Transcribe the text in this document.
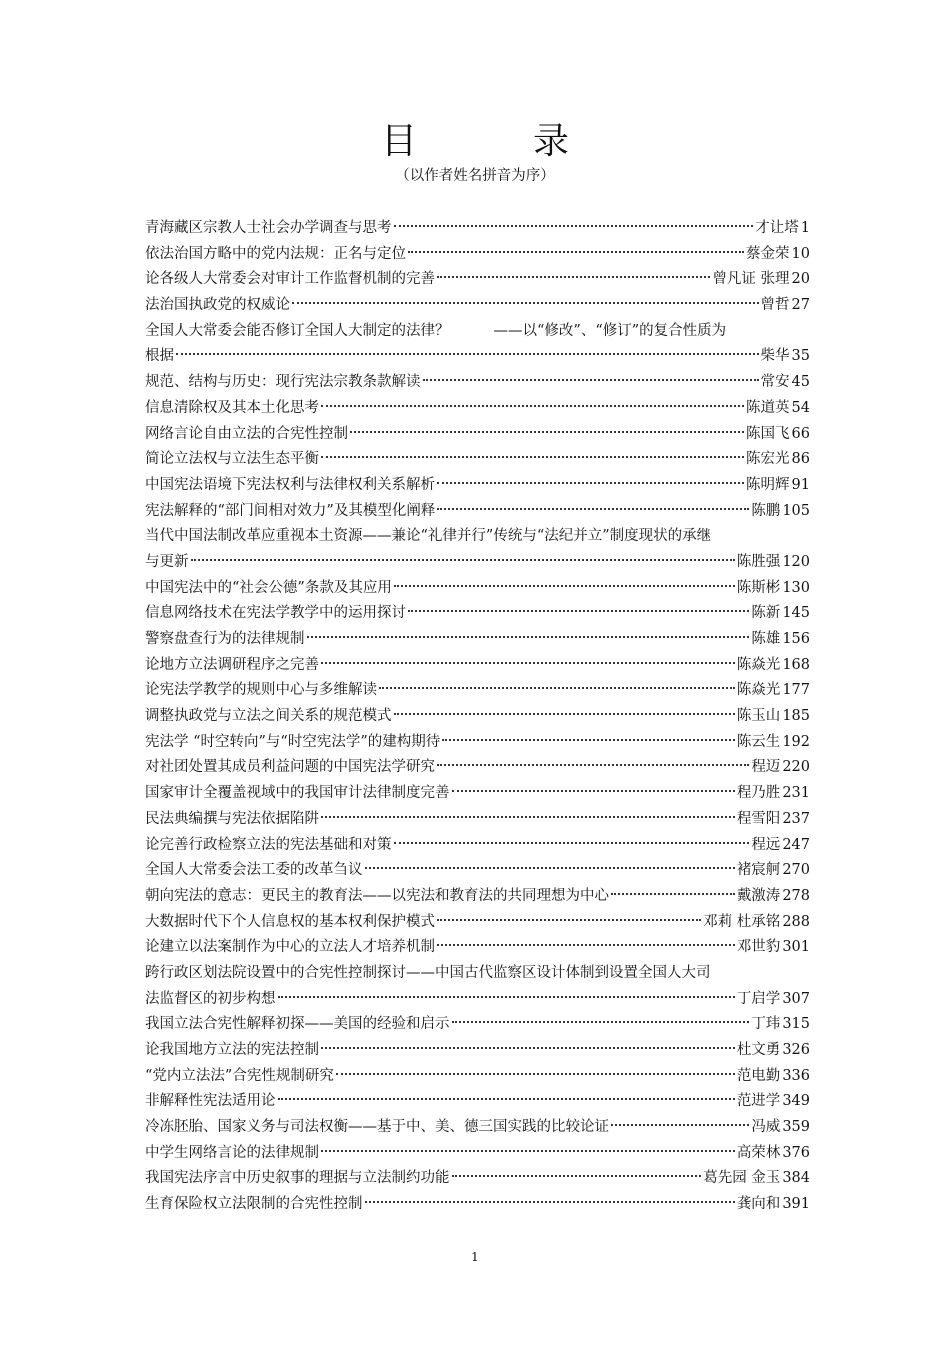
目　录
（以作者姓名拼音为序）
青海藏区宗教人士社会办学调查与思考	才让塔 1
依法治国方略中的党内法规：正名与定位	蔡金荣 10
论各级人大常委会对审计工作监督机制的完善	曾凡证 张理 20
法治国执政党的权威论	曾哲 27
全国人大常委会能否修订全国人大制定的法律？	——以“修改”、“修订”的复合性质为
根据	柴华 35
规范、结构与历史：现行宪法宗教条款解读	常安 45
信息清除权及其本土化思考	陈道英 54
网络言论自由立法的合宪性控制	陈国飞 66
简论立法权与立法生态平衡	陈宏光 86
中国宪法语境下宪法权利与法律权利关系解析	陈明辉 91
宪法解释的“部门间相对效力”及其模型化阐释	陈鹏 105
当代中国法制改革应重视本土资源——兼论“礼律并行”传统与“法纪并立”制度现状的承继
与更新	陈胜强 120
中国宪法中的“社会公德”条款及其应用	陈斯彬 130
信息网络技术在宪法学教学中的运用探讨	陈新 145
警察盘查行为的法律规制	陈雄 156
论地方立法调研程序之完善	陈焱光 168
论宪法学教学的规则中心与多维解读	陈焱光 177
调整执政党与立法之间关系的规范模式	陈玉山 185
宪法学 “时空转向”与“时空宪法学”的建构期待	陈云生 192
对社团处置其成员利益问题的中国宪法学研究	程迈 220
国家审计全覆盖视域中的我国审计法律制度完善	程乃胜 231
民法典编撰与宪法依据陷阱	程雪阳 237
论完善行政检察立法的宪法基础和对策	程远 247
全国人大常委会法工委的改革刍议	褚宸舸 270
朝向宪法的意志：更民主的教育法——以宪法和教育法的共同理想为中心	戴激涛 278
大数据时代下个人信息权的基本权利保护模式	邓莉 杜承铭 288
论建立以法案制作为中心的立法人才培养机制	邓世豹 301
跨行政区划法院设置中的合宪性控制探讨——中国古代监察区设计体制到设置全国人大司
法监督区的初步构想	丁启学 307
我国立法合宪性解释初探——美国的经验和启示	丁玮 315
论我国地方立法的宪法控制	杜文勇 326
“党内立法法”合宪性规制研究	范电勤 336
非解释性宪法适用论	范进学 349
冷冻胚胎、国家义务与司法权衡——基于中、美、德三国实践的比较论证	冯威 359
中学生网络言论的法律规制	高荣林 376
我国宪法序言中历史叙事的理据与立法制约功能	葛先园 金玉 384
生育保险权立法限制的合宪性控制	龚向和 391
1
